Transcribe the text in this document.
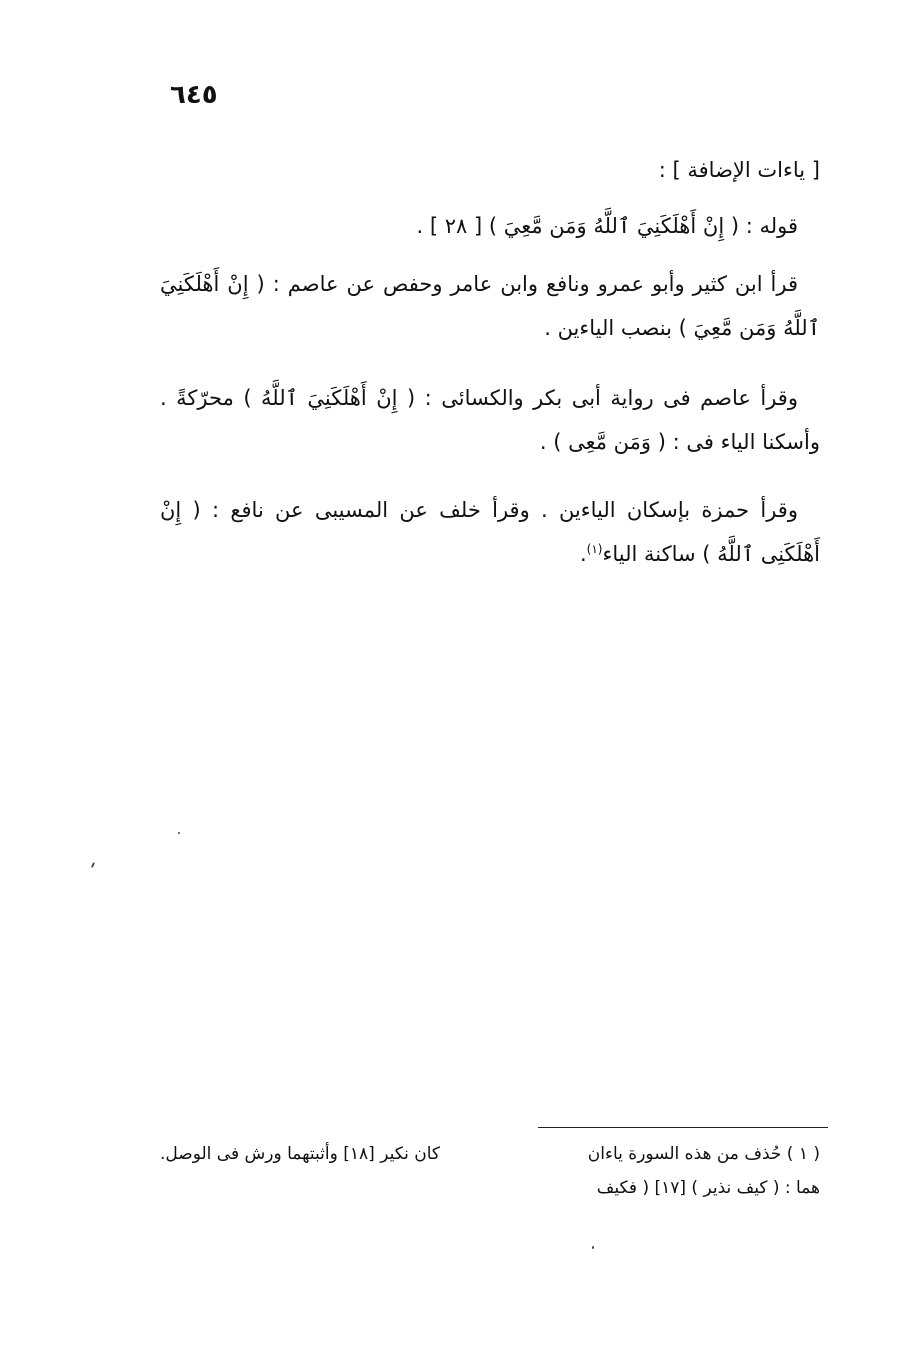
٦٤٥
[ ياءات الإضافة ] :
قوله : ( إِنْ أَهْلَكَنِيَ ٱللَّهُ وَمَن مَّعِيَ ) [ ٢٨ ] .
قرأ ابن كثير وأبو عمرو ونافع وابن عامر وحفص عن عاصم : ( إِنْ أَهْلَكَنِيَ ٱللَّهُ وَمَن مَّعِيَ ) بنصب الياءين .
وقرأ عاصم فى رواية أبى بكر والكسائى : ( إِنْ أَهْلَكَنِيَ ٱللَّهُ ) محرّكةً . وأسكنا الياء فى : ( وَمَن مَّعِى ) .
وقرأ حمزة بإسكان الياءين . وقرأ خلف عن المسيبى عن نافع : ( إِنْ أَهْلَكَنِى ٱللَّهُ ) ساكنة الياء$^{(١)}$.
( ١ ) حُذف من هذه السورة ياءان
كان نكير [١٨] وأثبتهما ورش فى الوصل.
هما : ( كيف نذير ) [١٧] ( فكيف
